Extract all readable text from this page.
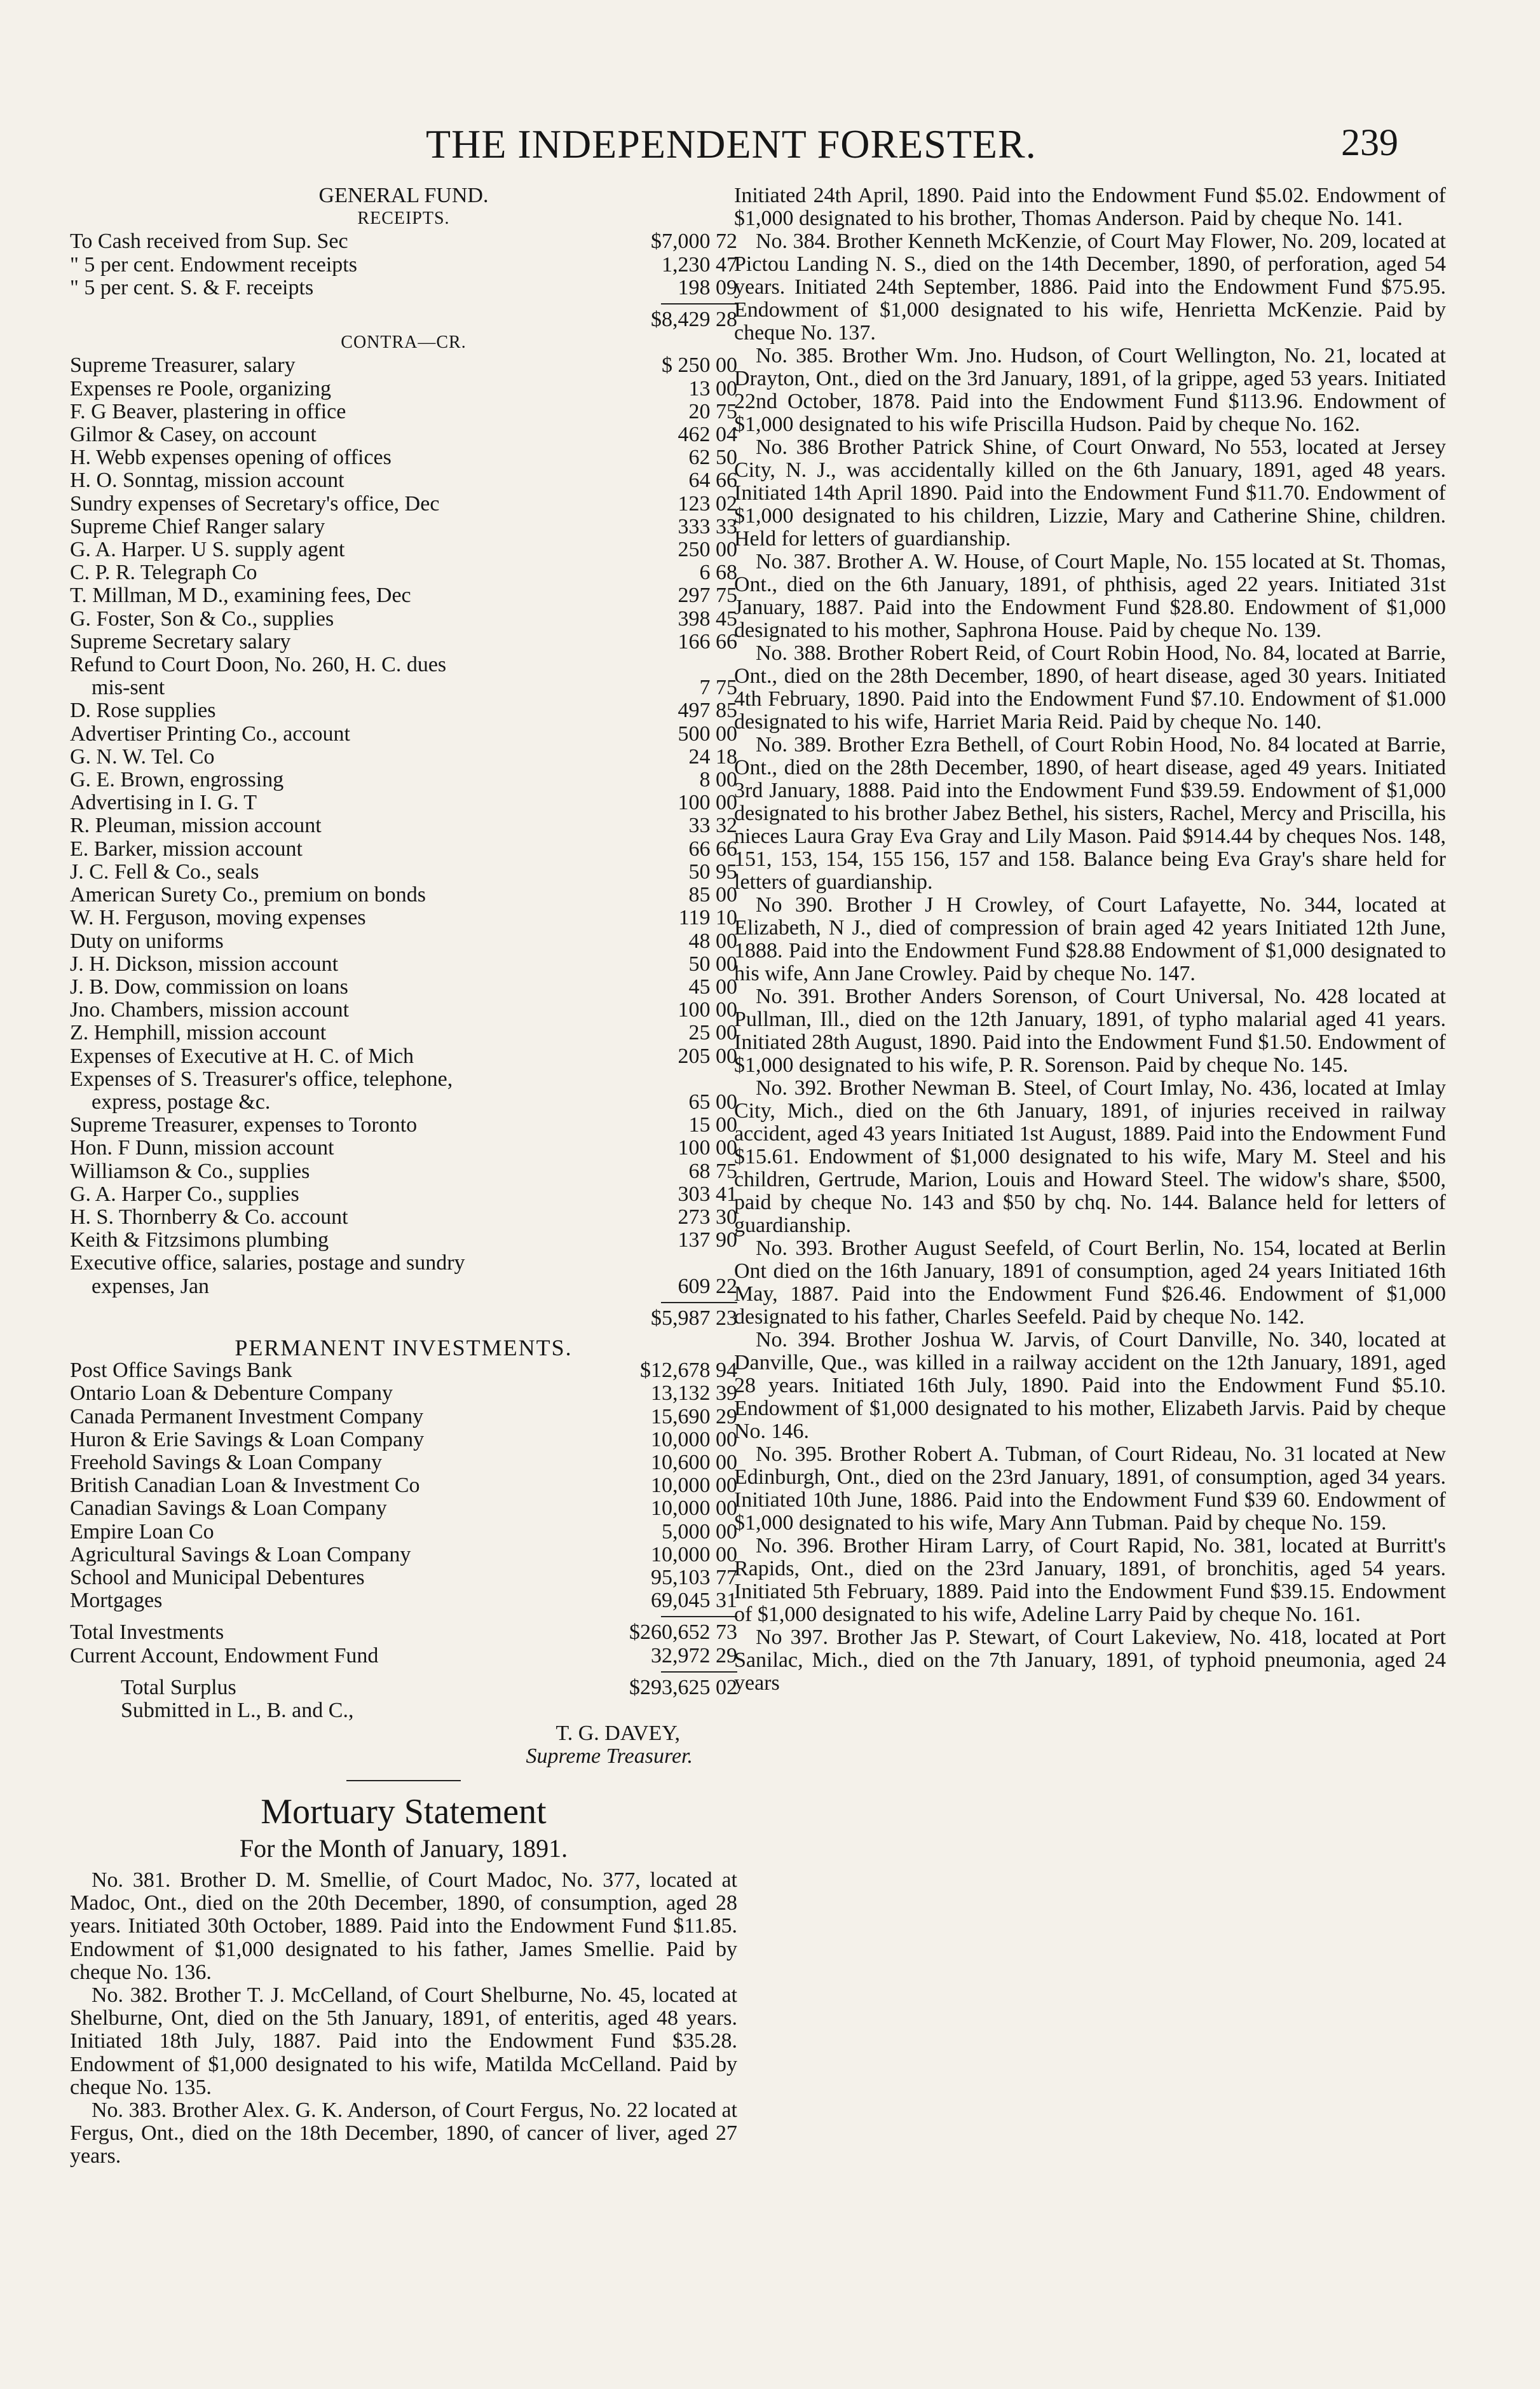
THE INDEPENDENT FORESTER.	239
GENERAL FUND.
RECEIPTS.
To Cash received from Sup. Sec	$7,000 72
" 5 per cent. Endowment receipts	1,230 47
" 5 per cent. S. & F. receipts	198 09
$8,429 28
CONTRA—CR.
Supreme Treasurer, salary	$ 250 00
Expenses re Poole, organizing	13 00
F. G Beaver, plastering in office	20 75
Gilmor & Casey, on account	462 04
H. Webb expenses opening of offices	62 50
H. O. Sonntag, mission account	64 66
Sundry expenses of Secretary's office, Dec	123 02
Supreme Chief Ranger salary	333 33
G. A. Harper. U S. supply agent	250 00
C. P. R. Telegraph Co	6 68
T. Millman, M D., examining fees, Dec	297 75
G. Foster, Son & Co., supplies	398 45
Supreme Secretary salary	166 66
Refund to Court Doon, No. 260, H. C. dues
mis-sent	7 75
D. Rose supplies	497 85
Advertiser Printing Co., account	500 00
G. N. W. Tel. Co	24 18
G. E. Brown, engrossing	8 00
Advertising in I. G. T	100 00
R. Pleuman, mission account	33 32
E. Barker, mission account	66 66
J. C. Fell & Co., seals	50 95
American Surety Co., premium on bonds	85 00
W. H. Ferguson, moving expenses	119 10
Duty on uniforms	48 00
J. H. Dickson, mission account	50 00
J. B. Dow, commission on loans	45 00
Jno. Chambers, mission account	100 00
Z. Hemphill, mission account	25 00
Expenses of Executive at H. C. of Mich	205 00
Expenses of S. Treasurer's office, telephone,
express, postage &c.	65 00
Supreme Treasurer, expenses to Toronto	15 00
Hon. F Dunn, mission account	100 00
Williamson & Co., supplies	68 75
G. A. Harper Co., supplies	303 41
H. S. Thornberry & Co. account	273 30
Keith & Fitzsimons plumbing	137 90
Executive office, salaries, postage and sundry
expenses, Jan	609 22
$5,987 23
PERMANENT INVESTMENTS.
Post Office Savings Bank	$12,678 94
Ontario Loan & Debenture Company	13,132 39
Canada Permanent Investment Company	15,690 29
Huron & Erie Savings & Loan Company	10,000 00
Freehold Savings & Loan Company	10,600 00
British Canadian Loan & Investment Co	10,000 00
Canadian Savings & Loan Company	10,000 00
Empire Loan Co	5,000 00
Agricultural Savings & Loan Company	10,000 00
School and Municipal Debentures	95,103 77
Mortgages	69,045 31
Total Investments	$260,652 73
Current Account, Endowment Fund	32,972 29
Total Surplus	$293,625 02
Submitted in L., B. and C.,
T. G. DAVEY,
Supreme Treasurer.
Mortuary Statement
For the Month of January, 1891.

No. 381. Brother D. M. Smellie, of Court Madoc, No. 377, located at Madoc, Ont., died on the 20th December, 1890, of consumption, aged 28 years. Initiated 30th October, 1889. Paid into the Endowment Fund $11.85. Endowment of $1,000 designated to his father, James Smellie. Paid by cheque No. 136.

No. 382. Brother T. J. McCelland, of Court Shelburne, No. 45, located at Shelburne, Ont, died on the 5th January, 1891, of enteritis, aged 48 years. Initiated 18th July, 1887. Paid into the Endowment Fund $35.28. Endowment of $1,000 designated to his wife, Matilda McCelland. Paid by cheque No. 135.

No. 383. Brother Alex. G. K. Anderson, of Court Fergus, No. 22 located at Fergus, Ont., died on the 18th December, 1890, of cancer of liver, aged 27 years.

Initiated 24th April, 1890. Paid into the Endowment Fund $5.02. Endowment of $1,000 designated to his brother, Thomas Anderson. Paid by cheque No. 141.

No. 384. Brother Kenneth McKenzie, of Court May Flower, No. 209, located at Pictou Landing N. S., died on the 14th December, 1890, of perforation, aged 54 years. Initiated 24th September, 1886. Paid into the Endowment Fund $75.95. Endowment of $1,000 designated to his wife, Henrietta McKenzie. Paid by cheque No. 137.

No. 385. Brother Wm. Jno. Hudson, of Court Wellington, No. 21, located at Drayton, Ont., died on the 3rd January, 1891, of la grippe, aged 53 years. Initiated 22nd October, 1878. Paid into the Endowment Fund $113.96. Endowment of $1,000 designated to his wife Priscilla Hudson. Paid by cheque No. 162.

No. 386 Brother Patrick Shine, of Court Onward, No 553, located at Jersey City, N. J., was accidentally killed on the 6th January, 1891, aged 48 years. Initiated 14th April 1890. Paid into the Endowment Fund $11.70. Endowment of $1,000 designated to his children, Lizzie, Mary and Catherine Shine, children. Held for letters of guardianship.

No. 387. Brother A. W. House, of Court Maple, No. 155 located at St. Thomas, Ont., died on the 6th January, 1891, of phthisis, aged 22 years. Initiated 31st January, 1887. Paid into the Endowment Fund $28.80. Endowment of $1,000 designated to his mother, Saphrona House. Paid by cheque No. 139.

No. 388. Brother Robert Reid, of Court Robin Hood, No. 84, located at Barrie, Ont., died on the 28th December, 1890, of heart disease, aged 30 years. Initiated 4th February, 1890. Paid into the Endowment Fund $7.10. Endowment of $1.000 designated to his wife, Harriet Maria Reid. Paid by cheque No. 140.

No. 389. Brother Ezra Bethell, of Court Robin Hood, No. 84 located at Barrie, Ont., died on the 28th December, 1890, of heart disease, aged 49 years. Initiated 3rd January, 1888. Paid into the Endowment Fund $39.59. Endowment of $1,000 designated to his brother Jabez Bethel, his sisters, Rachel, Mercy and Priscilla, his nieces Laura Gray Eva Gray and Lily Mason. Paid $914.44 by cheques Nos. 148, 151, 153, 154, 155 156, 157 and 158. Balance being Eva Gray's share held for letters of guardianship.

No 390. Brother J H Crowley, of Court Lafayette, No. 344, located at Elizabeth, N J., died of compression of brain aged 42 years Initiated 12th June, 1888. Paid into the Endowment Fund $28.88 Endowment of $1,000 designated to his wife, Ann Jane Crowley. Paid by cheque No. 147.

No. 391. Brother Anders Sorenson, of Court Universal, No. 428 located at Pullman, Ill., died on the 12th January, 1891, of typho malarial aged 41 years. Initiated 28th August, 1890. Paid into the Endowment Fund $1.50. Endowment of $1,000 designated to his wife, P. R. Sorenson. Paid by cheque No. 145.

No. 392. Brother Newman B. Steel, of Court Imlay, No. 436, located at Imlay City, Mich., died on the 6th January, 1891, of injuries received in railway accident, aged 43 years Initiated 1st August, 1889. Paid into the Endowment Fund $15.61. Endowment of $1,000 designated to his wife, Mary M. Steel and his children, Gertrude, Marion, Louis and Howard Steel. The widow's share, $500, paid by cheque No. 143 and $50 by chq. No. 144. Balance held for letters of guardianship.

No. 393. Brother August Seefeld, of Court Berlin, No. 154, located at Berlin Ont died on the 16th January, 1891 of consumption, aged 24 years Initiated 16th May, 1887. Paid into the Endowment Fund $26.46. Endowment of $1,000 designated to his father, Charles Seefeld. Paid by cheque No. 142.

No. 394. Brother Joshua W. Jarvis, of Court Danville, No. 340, located at Danville, Que., was killed in a railway accident on the 12th January, 1891, aged 28 years. Initiated 16th July, 1890. Paid into the Endowment Fund $5.10. Endowment of $1,000 designated to his mother, Elizabeth Jarvis. Paid by cheque No. 146.

No. 395. Brother Robert A. Tubman, of Court Rideau, No. 31 located at New Edinburgh, Ont., died on the 23rd January, 1891, of consumption, aged 34 years. Initiated 10th June, 1886. Paid into the Endowment Fund $39 60. Endowment of $1,000 designated to his wife, Mary Ann Tubman. Paid by cheque No. 159.

No. 396. Brother Hiram Larry, of Court Rapid, No. 381, located at Burritt's Rapids, Ont., died on the 23rd January, 1891, of bronchitis, aged 54 years. Initiated 5th February, 1889. Paid into the Endowment Fund $39.15. Endowment of $1,000 designated to his wife, Adeline Larry Paid by cheque No. 161.

No 397. Brother Jas P. Stewart, of Court Lakeview, No. 418, located at Port Sanilac, Mich., died on the 7th January, 1891, of typhoid pneumonia, aged 24 years
